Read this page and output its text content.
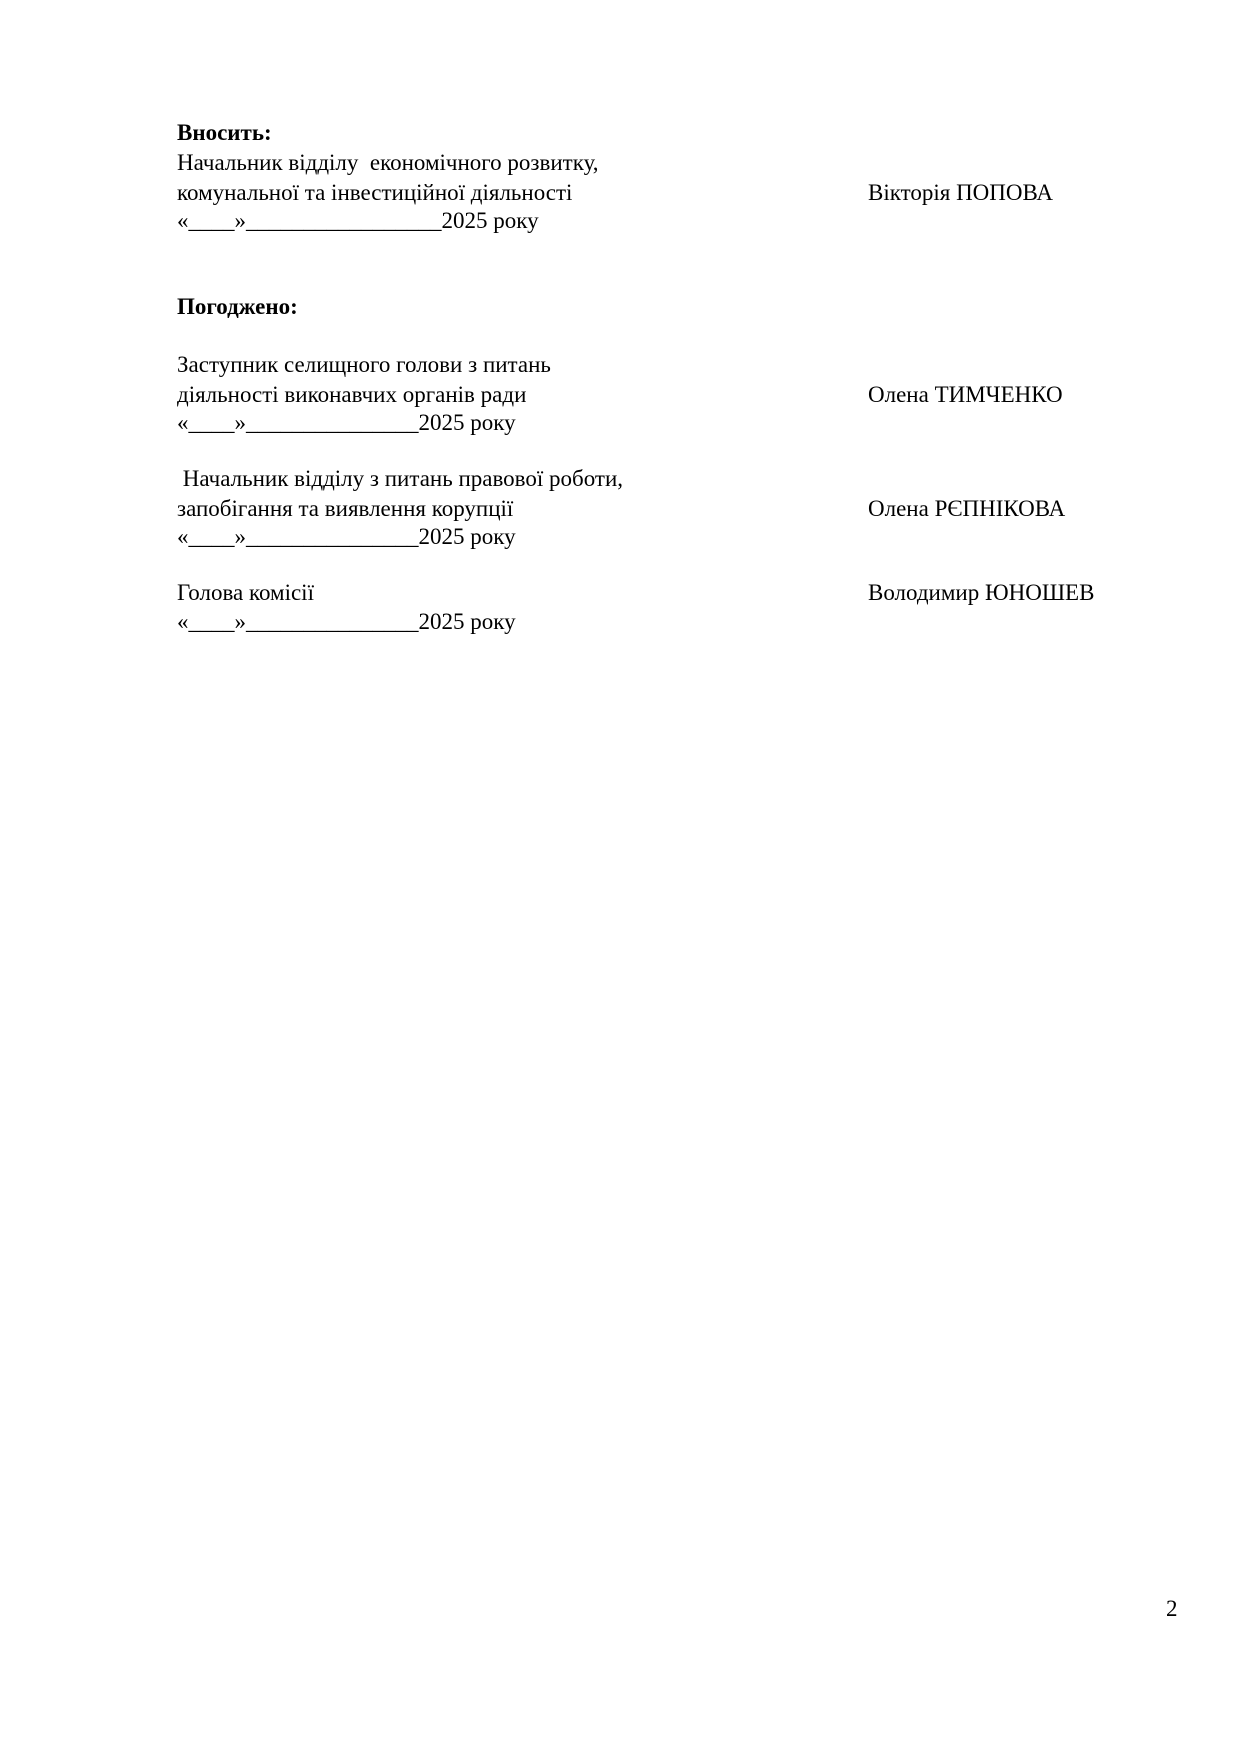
Вносить:
Начальник відділу  економічного розвитку,
комунальної та інвестиційної діяльності	Вікторія ПОПОВА
«____»_________________2025 року
Погоджено:
Заступник селищного голови з питань
діяльності виконавчих органів ради	Олена ТИМЧЕНКО
«____»_______________2025 року
Начальник відділу з питань правової роботи,
запобігання та виявлення корупції	Олена РЄПНІКОВА
«____»_______________2025 року
Голова комісії	Володимир ЮНОШЕВ
«____»_______________2025 року
2
